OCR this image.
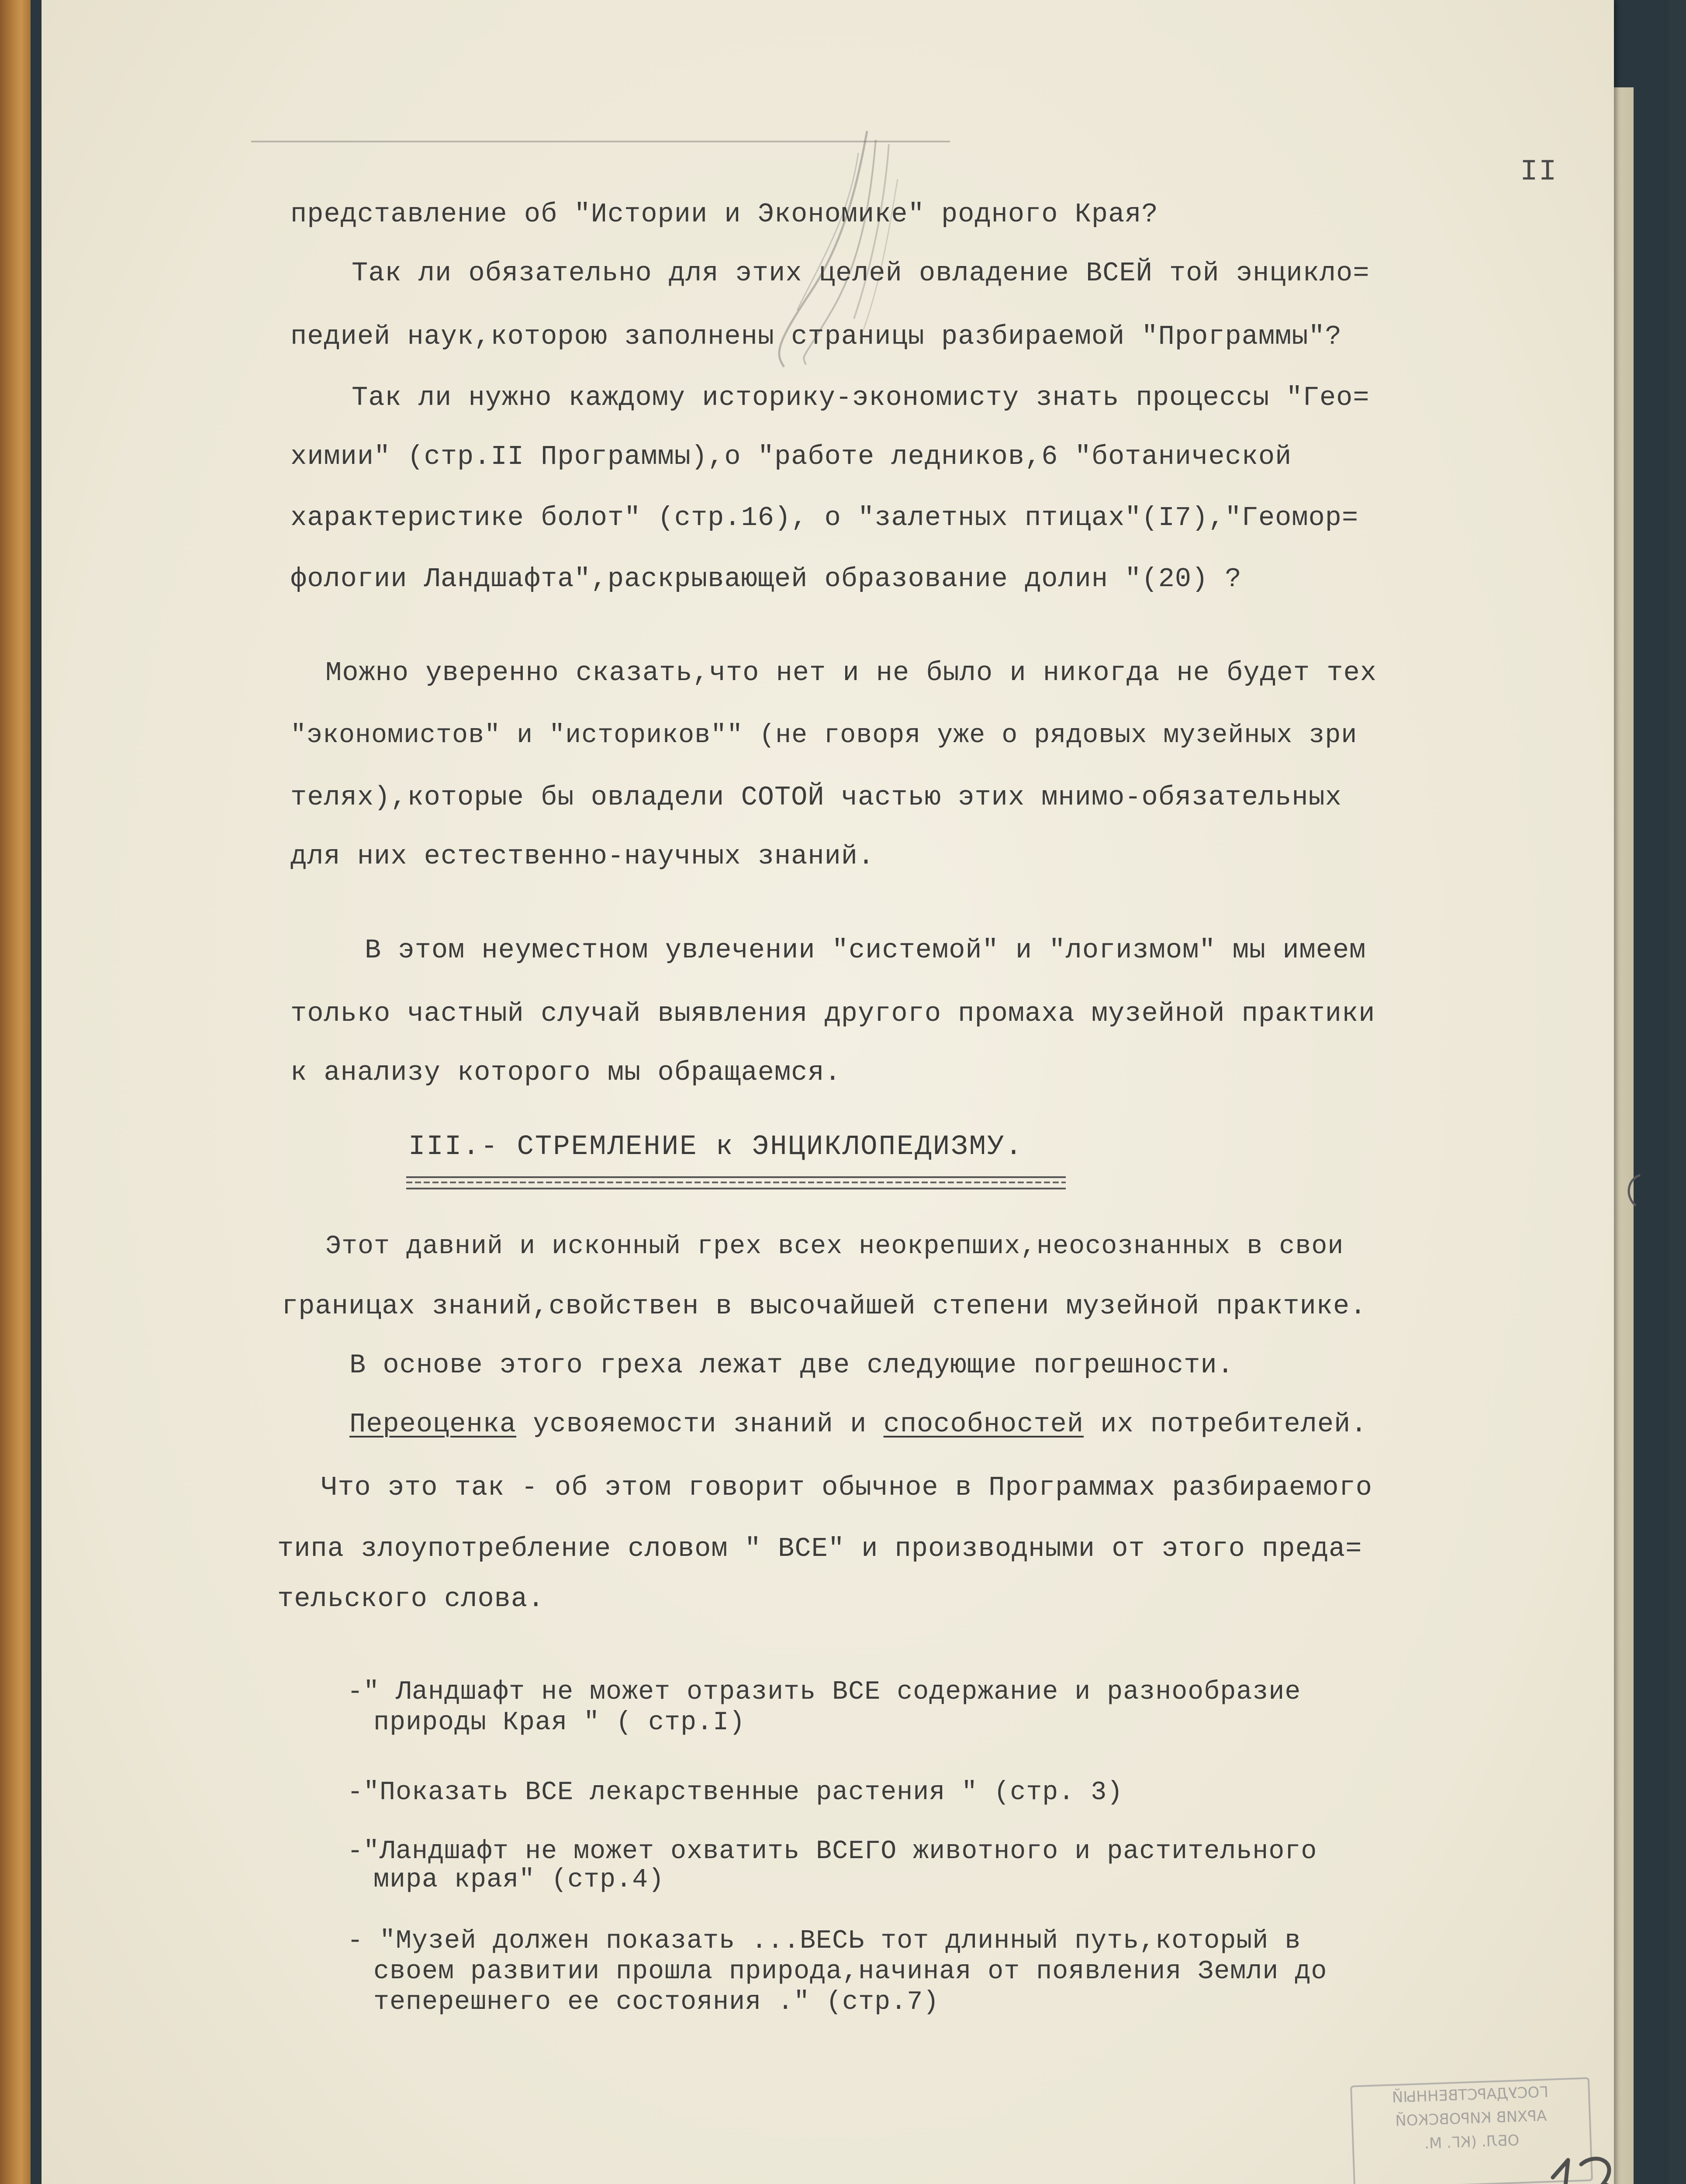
II
представление об "Истории и Экономике" родного Края?
Так ли обязательно для этих целей овладение ВСЕЙ той энцикло=
педией наук,которою заполнены страницы разбираемой "Программы"?
Так ли нужно каждому историку-экономисту знать процессы "Гео=
химии" (стр.II Программы),о "работе ледников,6 "ботанической
характеристике болот" (стр.16), о "залетных птицах"(I7),"Геомор=
фологии Ландшафта",раскрывающей образование долин "(20) ?
Можно уверенно сказать,что нет и не было и никогда не будет тех
"экономистов" и "историков"" (не говоря уже о рядовых музейных зри
телях),которые бы овладели СОТОЙ частью этих мнимо-обязательных
для них естественно-научных знаний.
В этом неуместном увлечении "системой" и "логизмом" мы имеем
только частный случай выявления другого промаха музейной практики
к анализу которого мы обращаемся.
III.- СТРЕМЛЕНИЕ к ЭНЦИКЛОПЕДИЗМУ.
Этот давний и исконный грех всех неокрепших,неосознанных в свои
границах знаний,свойствен в высочайшей степени музейной практике.
В основе этого греха лежат две следующие погрешности.
Переоценка усвояемости знаний и способностей их потребителей.
Что это так - об этом говорит обычное в Программах разбираемого
типа злоупотребление словом " ВСЕ" и производными от этого преда=
тельского слова.
-" Ландшафт не может отразить ВСЕ содержание и разнообразие
природы Края " ( стр.I)
-"Показать ВСЕ лекарственные растения " (стр. 3)
-"Ландшафт не может охватить ВСЕГО животного и растительного
мира края" (стр.4)
- "Музей должен показать ...ВЕСЬ тот длинный путь,который в
своем развитии прошла природа,начиная от появления Земли до
теперешнего ее состояния ." (стр.7)
ГОСУДАРСТВЕННЫЙ
АРХИВ КИРОВСКОЙ
ОБЛ. (КГ. М.
